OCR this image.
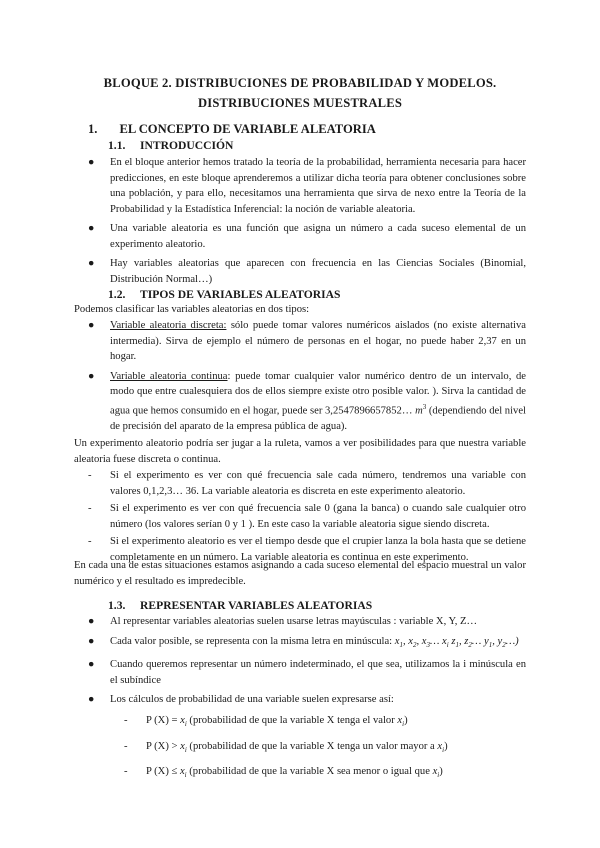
BLOQUE 2. DISTRIBUCIONES DE PROBABILIDAD Y MODELOS.
DISTRIBUCIONES MUESTRALES
1. EL CONCEPTO DE VARIABLE ALEATORIA
1.1. INTRODUCCIÓN
● En el bloque anterior hemos tratado la teoría de la probabilidad, herramienta necesaria para hacer predicciones, en este bloque aprenderemos a utilizar dicha teoría para obtener conclusiones sobre una población, y para ello, necesitamos una herramienta que sirva de nexo entre la Teoría de la Probabilidad y la Estadística Inferencial: la noción de variable aleatoria.
● Una variable aleatoria es una función que asigna un número a cada suceso elemental de un experimento aleatorio.
● Hay variables aleatorias que aparecen con frecuencia en las Ciencias Sociales (Binomial, Distribución Normal…)
1.2. TIPOS DE VARIABLES ALEATORIAS

Podemos clasificar las variables aleatorias en dos tipos:

● Variable aleatoria discreta: sólo puede tomar valores numéricos aislados (no existe alternativa intermedia). Sirva de ejemplo el número de personas en el hogar, no puede haber 2,37 en un hogar.
● Variable aleatoria continua: puede tomar cualquier valor numérico dentro de un intervalo, de modo que entre cualesquiera dos de ellos siempre existe otro posible valor. ). Sirva la cantidad de agua que hemos consumido en el hogar, puede ser 3,2547896657852… $m^3$ (dependiendo del nivel de precisión del aparato de la empresa pública de agua).

Un experimento aleatorio podría ser jugar a la ruleta, vamos a ver posibilidades para que nuestra variable aleatoria fuese discreta o continua.

- Si el experimento es ver con qué frecuencia sale cada número, tendremos una variable con valores 0,1,2,3… 36. La variable aleatoria es discreta en este experimento aleatorio.
- Si el experimento es ver con qué frecuencia sale 0 (gana la banca) o cuando sale cualquier otro número (los valores serían 0 y 1 ). En este caso la variable aleatoria sigue siendo discreta.
- Si el experimento aleatorio es ver el tiempo desde que el crupier lanza la bola hasta que se detiene completamente en un número. La variable aleatoria es continua en este experimento.

En cada una de estas situaciones estamos asignando a cada suceso elemental del espacio muestral un valor numérico y el resultado es impredecible.

1.3. REPRESENTAR VARIABLES ALEATORIAS
● Al representar variables aleatorias suelen usarse letras mayúsculas : variable X, Y, Z…
● Cada valor posible, se representa con la misma letra en minúscula: $x_1$, $x_2$, $x_3\dots$ $x_i$ $z_1$, $z_2\dots$ $y_1$, $y_2\dots$)
● Cuando queremos representar un número indeterminado, el que sea, utilizamos la i minúscula en el subíndice
● Los cálculos de probabilidad de una variable suelen expresarse así:
- P $(X) = x_i$ (probabilidad de que la variable X tenga el valor $x_i$)
- P $(X) > x_i$ (probabilidad de que la variable X tenga un valor mayor a $x_i$)
- P $(X) \le x_i$ (probabilidad de que la variable X sea menor o igual que $x_i$)
